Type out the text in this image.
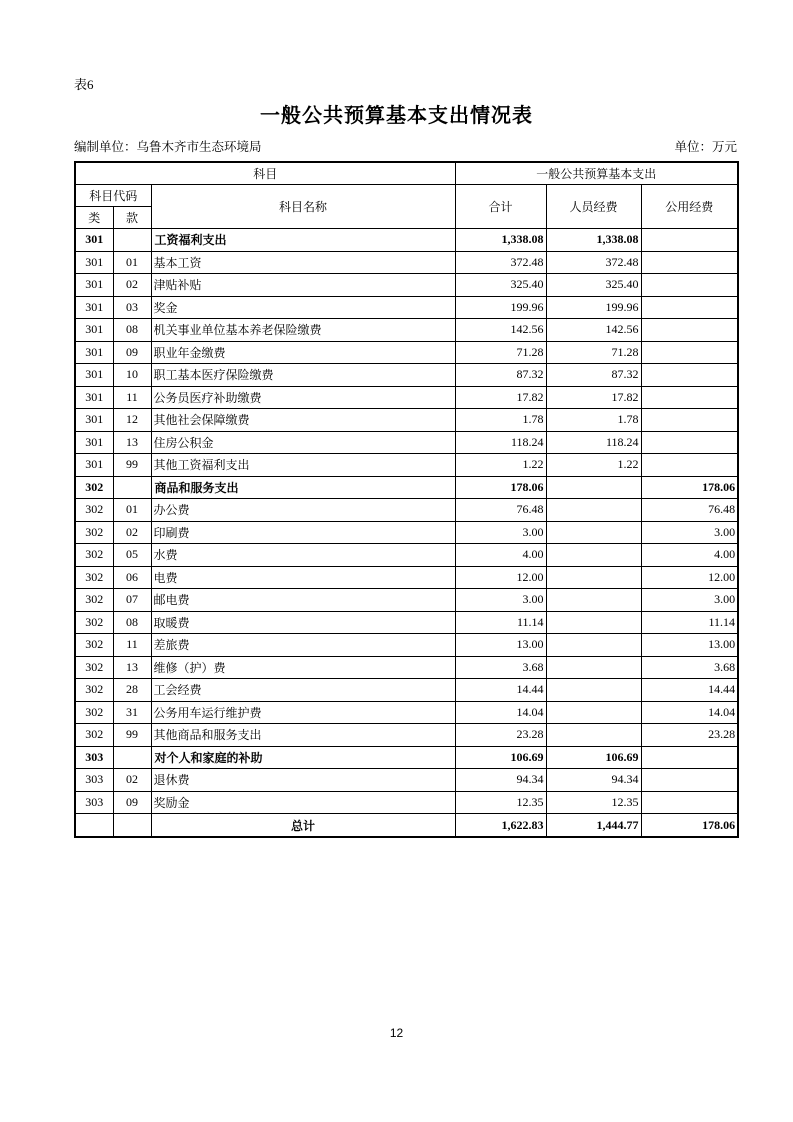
表6
一般公共预算基本支出情况表
编制单位：乌鲁木齐市生态环境局	单位：万元
科目			一般公共预算基本支出		
科目代码		科目名称	合计	人员经费	公用经费
类	款				
301		工资福利支出	1,338.08	1,338.08	
301	01	基本工资	372.48	372.48	
301	02	津贴补贴	325.40	325.40	
301	03	奖金	199.96	199.96	
301	08	机关事业单位基本养老保险缴费	142.56	142.56	
301	09	职业年金缴费	71.28	71.28	
301	10	职工基本医疗保险缴费	87.32	87.32	
301	11	公务员医疗补助缴费	17.82	17.82	
301	12	其他社会保障缴费	1.78	1.78	
301	13	住房公积金	118.24	118.24	
301	99	其他工资福利支出	1.22	1.22	
302		商品和服务支出	178.06		178.06
302	01	办公费	76.48		76.48
302	02	印刷费	3.00		3.00
302	05	水费	4.00		4.00
302	06	电费	12.00		12.00
302	07	邮电费	3.00		3.00
302	08	取暖费	11.14		11.14
302	11	差旅费	13.00		13.00
302	13	维修（护）费	3.68		3.68
302	28	工会经费	14.44		14.44
302	31	公务用车运行维护费	14.04		14.04
302	99	其他商品和服务支出	23.28		23.28
303		对个人和家庭的补助	106.69	106.69	
303	02	退休费	94.34	94.34	
303	09	奖励金	12.35	12.35	
		总计	1,622.83	1,444.77	178.06
12
